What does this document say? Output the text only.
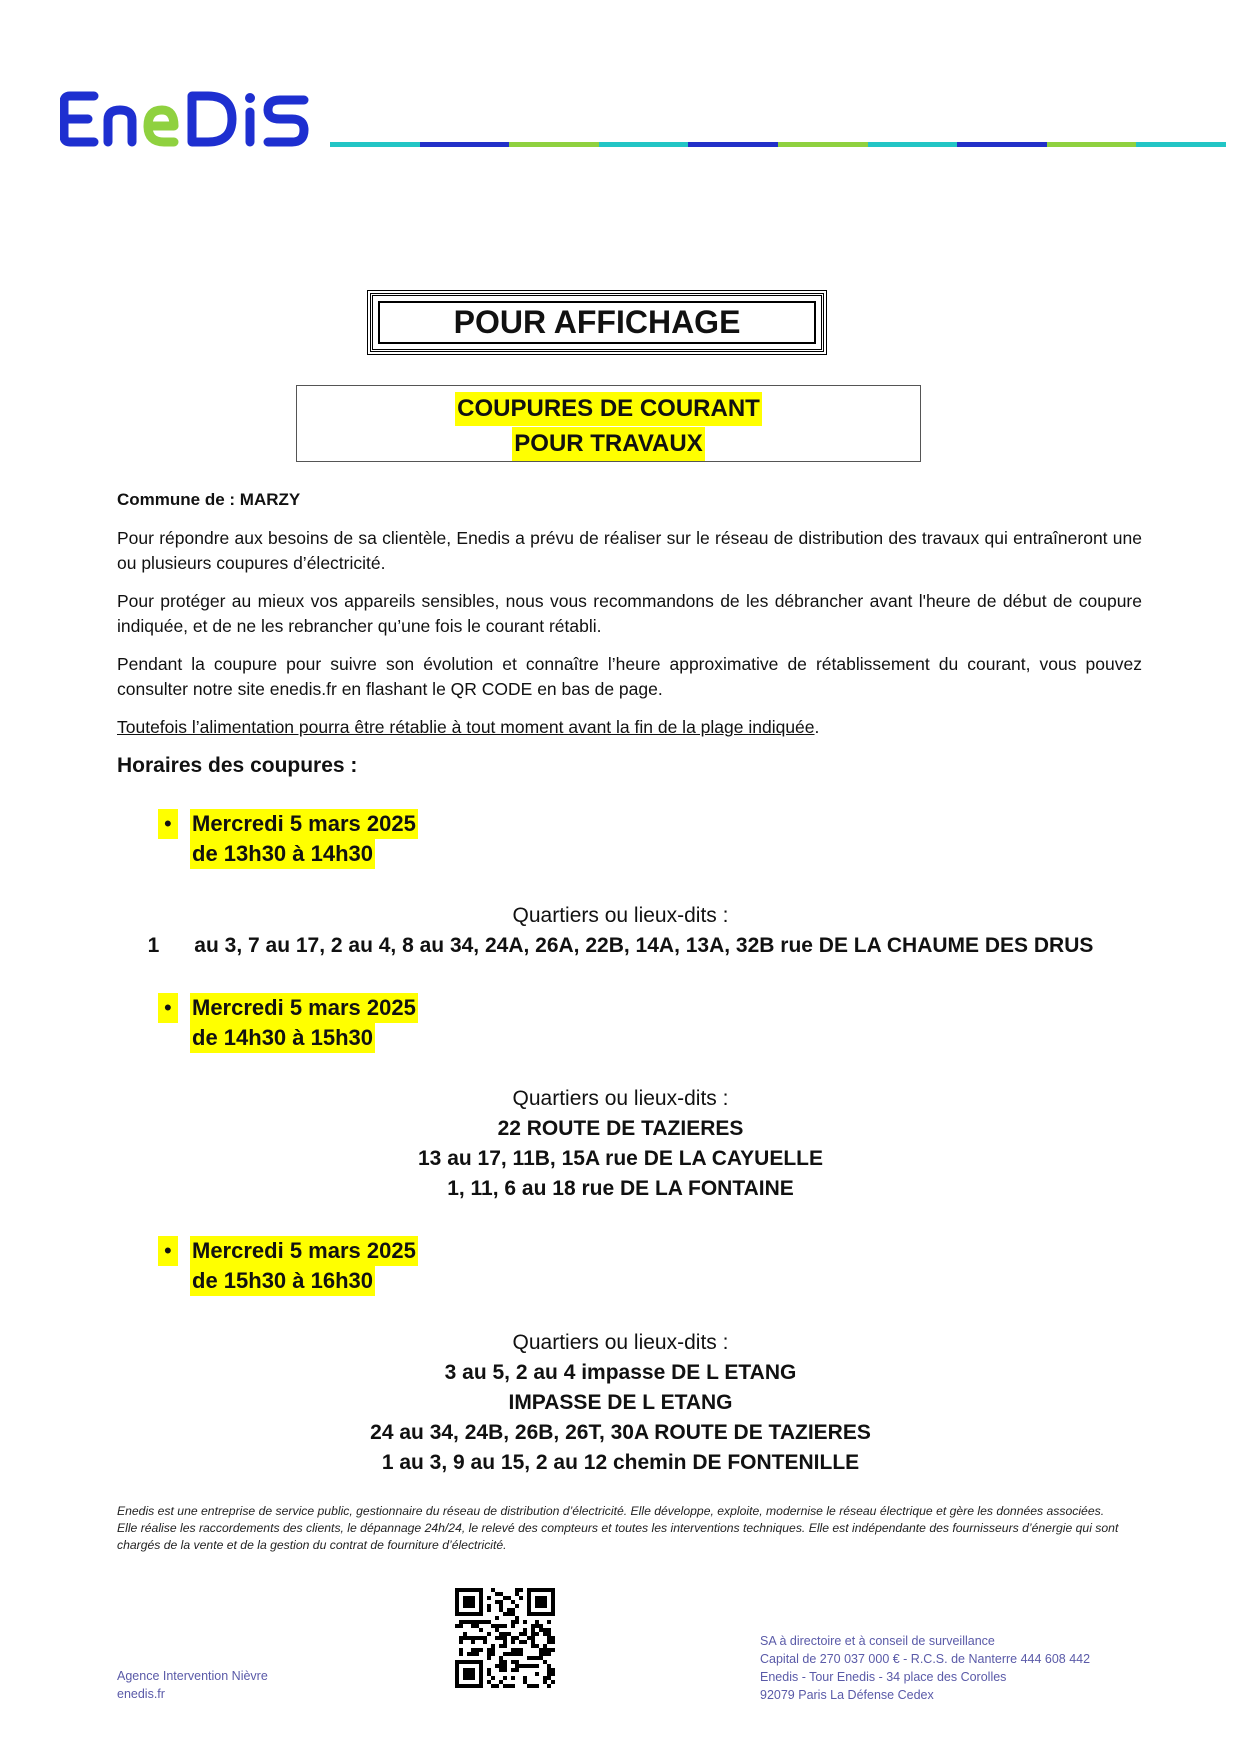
POUR AFFICHAGE
COUPURES DE COURANT
POUR TRAVAUX
Commune de : MARZY
Pour répondre aux besoins de sa clientèle, Enedis a prévu de réaliser sur le réseau de distribution des travaux qui entraîneront une ou plusieurs coupures d’électricité.
Pour protéger au mieux vos appareils sensibles, nous vous recommandons de les débrancher avant l'heure de début de coupure indiquée, et de ne les rebrancher qu’une fois le courant rétabli.
Pendant la coupure pour suivre son évolution et connaître l’heure approximative de rétablissement du courant, vous pouvez consulter notre site enedis.fr en flashant le QR CODE en bas de page.
Toutefois l’alimentation pourra être rétablie à tout moment avant la fin de la plage indiquée.
Horaires des coupures :
• Mercredi 5 mars 2025
de 13h30 à 14h30
Quartiers ou lieux-dits :
1      au 3, 7 au 17, 2 au 4, 8 au 34, 24A, 26A, 22B, 14A, 13A, 32B rue DE LA CHAUME DES DRUS
• Mercredi 5 mars 2025
de 14h30 à 15h30
Quartiers ou lieux-dits :
22 ROUTE DE TAZIERES
13 au 17, 11B, 15A rue DE LA CAYUELLE
1, 11, 6 au 18 rue DE LA FONTAINE
• Mercredi 5 mars 2025
de 15h30 à 16h30
Quartiers ou lieux-dits :
3 au 5, 2 au 4 impasse DE L ETANG
IMPASSE DE L ETANG
24 au 34, 24B, 26B, 26T, 30A ROUTE DE TAZIERES
1 au 3, 9 au 15, 2 au 12 chemin DE FONTENILLE
Enedis est une entreprise de service public, gestionnaire du réseau de distribution d’électricité. Elle développe, exploite, modernise le réseau électrique et gère les données associées. Elle réalise les raccordements des clients, le dépannage 24h/24, le relevé des compteurs et toutes les interventions techniques. Elle est indépendante des fournisseurs d’énergie qui sont chargés de la vente et de la gestion du contrat de fourniture d’électricité.
Agence Intervention Nièvre
enedis.fr
SA à directoire et à conseil de surveillance
Capital de 270 037 000 € - R.C.S. de Nanterre 444 608 442
Enedis - Tour Enedis - 34 place des Corolles
92079 Paris La Défense Cedex
